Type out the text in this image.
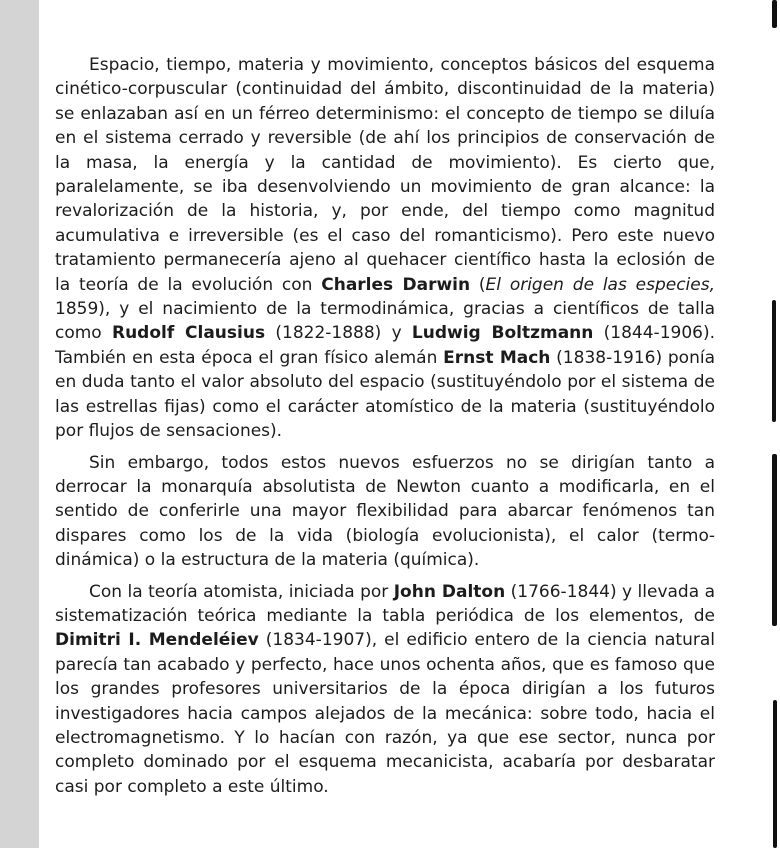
Espacio, tiempo, materia y movimiento, conceptos básicos del esquema cinético-corpuscular (continuidad del ámbito, discontinuidad de la materia) se enlazaban así en un férreo determinismo: el concepto de tiempo se diluía en el sistema cerrado y reversible (de ahí los principios de conservación de la masa, la energía y la cantidad de movimiento). Es cierto que, paralelamente, se iba desenvolviendo un movimiento de gran alcance: la revalorización de la historia, y, por ende, del tiempo como magnitud acumulativa e irreversible (es el caso del romanticismo). Pero este nuevo tratamiento permanecería ajeno al quehacer científico hasta la eclosión de la teoría de la evolución con Charles Darwin (El origen de las especies, 1859), y el nacimiento de la termodinámica, gracias a científicos de talla como Rudolf Clausius (1822-1888) y Ludwig Boltzmann (1844-1906). También en esta época el gran físico alemán Ernst Mach (1838-1916) ponía en duda tanto el valor absoluto del espacio (sustituyéndolo por el sistema de las estrellas fijas) como el carácter atomístico de la materia (sustituyéndolo por flujos de sensaciones).

Sin embargo, todos estos nuevos esfuerzos no se dirigían tanto a derrocar la monarquía absolutista de Newton cuanto a modificarla, en el sentido de conferirle una mayor flexibilidad para abarcar fenómenos tan dispares como los de la vida (biología evolucionista), el calor (termodinámica) o la estructura de la materia (química).

Con la teoría atomista, iniciada por John Dalton (1766-1844) y llevada a sistematización teórica mediante la tabla periódica de los elementos, de Dimitri I. Mendeléiev (1834-1907), el edificio entero de la ciencia natural parecía tan acabado y perfecto, hace unos ochenta años, que es famoso que los grandes profesores universitarios de la época dirigían a los futuros investigadores hacia campos alejados de la mecánica: sobre todo, hacia el electromagnetismo. Y lo hacían con razón, ya que ese sector, nunca por completo dominado por el esquema mecanicista, acabaría por desbaratar casi por completo a este último.
